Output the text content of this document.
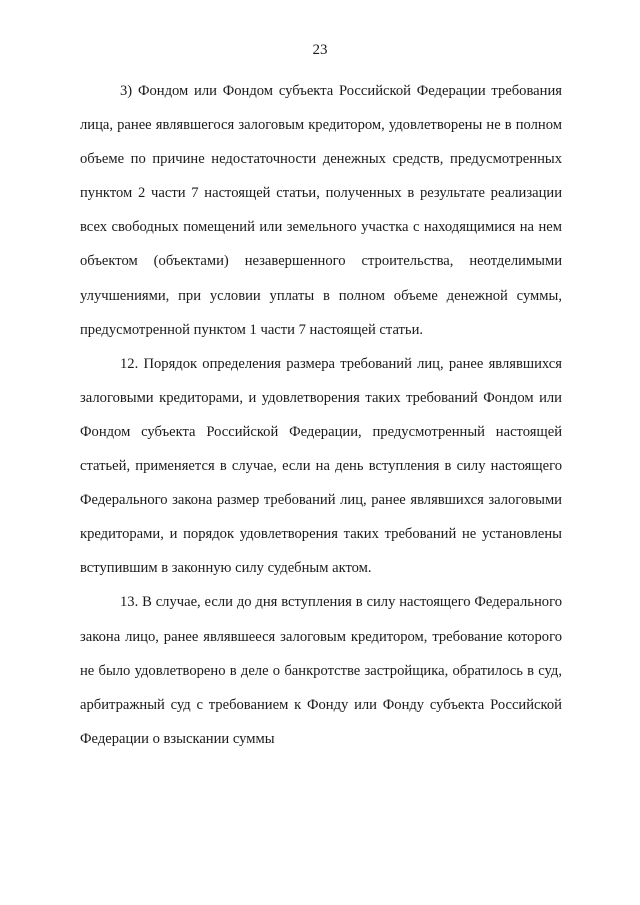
23

3) Фондом или Фондом субъекта Российской Федерации требования лица, ранее являвшегося залоговым кредитором, удовлетворены не в полном объеме по причине недостаточности денежных средств, предусмотренных пунктом 2 части 7 настоящей статьи, полученных в результате реализации всех свободных помещений или земельного участка с находящимися на нем объектом (объектами) незавершенного строительства, неотделимыми улучшениями, при условии уплаты в полном объеме денежной суммы, предусмотренной пунктом 1 части 7 настоящей статьи.

12. Порядок определения размера требований лиц, ранее являвшихся залоговыми кредиторами, и удовлетворения таких требований Фондом или Фондом субъекта Российской Федерации, предусмотренный настоящей статьей, применяется в случае, если на день вступления в силу настоящего Федерального закона размер требований лиц, ранее являвшихся залоговыми кредиторами, и порядок удовлетворения таких требований не установлены вступившим в законную силу судебным актом.

13. В случае, если до дня вступления в силу настоящего Федерального закона лицо, ранее являвшееся залоговым кредитором, требование которого не было удовлетворено в деле о банкротстве застройщика, обратилось в суд, арбитражный суд с требованием к Фонду или Фонду субъекта Российской Федерации о взыскании суммы
